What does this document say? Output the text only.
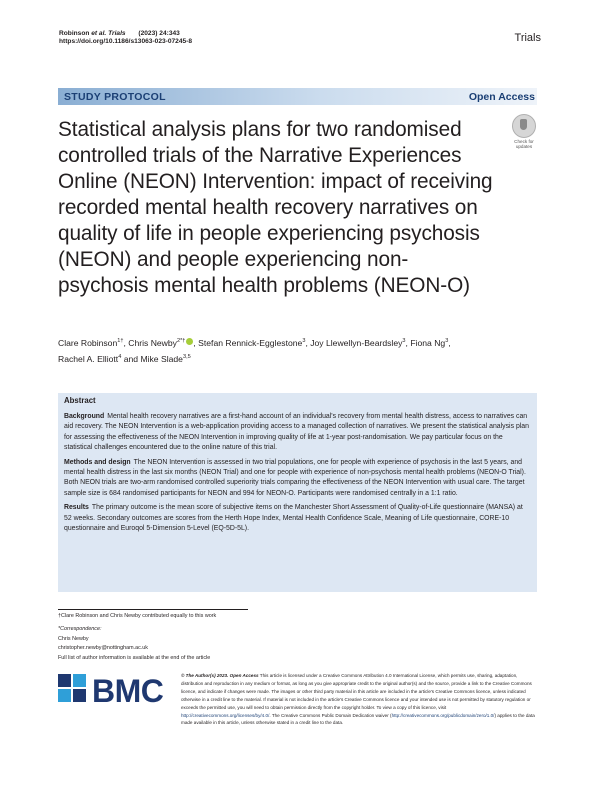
Robinson et al. Trials (2023) 24:343
https://doi.org/10.1186/s13063-023-07245-8	Trials
STUDY PROTOCOL	Open Access
Statistical analysis plans for two randomised controlled trials of the Narrative Experiences Online (NEON) Intervention: impact of receiving recorded mental health recovery narratives on quality of life in people experiencing psychosis (NEON) and people experiencing non-psychosis mental health problems (NEON-O)
Check for
updates
Clare Robinson$^{1\dagger}$, Chris Newby$^{2*\dagger}$ , Stefan Rennick-Egglestone$^3$, Joy Llewellyn-Beardsley$^3$, Fiona Ng$^3$,
Rachel A. Elliott$^4$ and Mike Slade$^{3,5}$
Abstract

Background Mental health recovery narratives are a first-hand account of an individual's recovery from mental health distress, access to narratives can aid recovery. The NEON Intervention is a web-application providing access to a managed collection of narratives. We present the statistical analysis plan for assessing the effectiveness of the NEON Intervention in improving quality of life at 1-year post-randomisation. We pay particular focus on the statistical challenges encountered due to the online nature of this trial.

Methods and design The NEON Intervention is assessed in two trial populations, one for people with experience of psychosis in the last 5 years, and mental health distress in the last six months (NEON Trial) and one for people with experience of non-psychosis mental health problems (NEON-O Trial). Both NEON trials are two-arm randomised controlled superiority trials comparing the effectiveness of the NEON Intervention with usual care. The target sample size is 684 randomised participants for NEON and 994 for NEON-O. Participants were randomised centrally in a 1:1 ratio.

Results The primary outcome is the mean score of subjective items on the Manchester Short Assessment of Quality-of-Life questionnaire (MANSA) at 52 weeks. Secondary outcomes are scores from the Herth Hope Index, Mental Health Confidence Scale, Meaning of Life questionnaire, CORE-10 questionnaire and Euroqol 5-Dimension 5-Level (EQ-5D-5L).

†Clare Robinson and Chris Newby contributed equally to this work
*Correspondence:
Chris Newby
christopher.newby@nottingham.ac.uk
Full list of author information is available at the end of the article
BMC	© The Author(s) 2023. Open Access This article is licensed under a Creative Commons Attribution 4.0 International License, which permits use, sharing, adaptation, distribution and reproduction in any medium or format, as long as you give appropriate credit to the original author(s) and the source, provide a link to the Creative Commons licence, and indicate if changes were made. The images or other third party material in this article are included in the article's Creative Commons licence, unless indicated otherwise in a credit line to the material. If material is not included in the article's Creative Commons licence and your intended use is not permitted by statutory regulation or exceeds the permitted use, you will need to obtain permission directly from the copyright holder. To view a copy of this licence, visit http://creativecommons.org/licenses/by/4.0/. The Creative Commons Public Domain Dedication waiver (http://creativecommons.org/publicdomain/zero/1.0/) applies to the data made available in this article, unless otherwise stated in a credit line to the data.
